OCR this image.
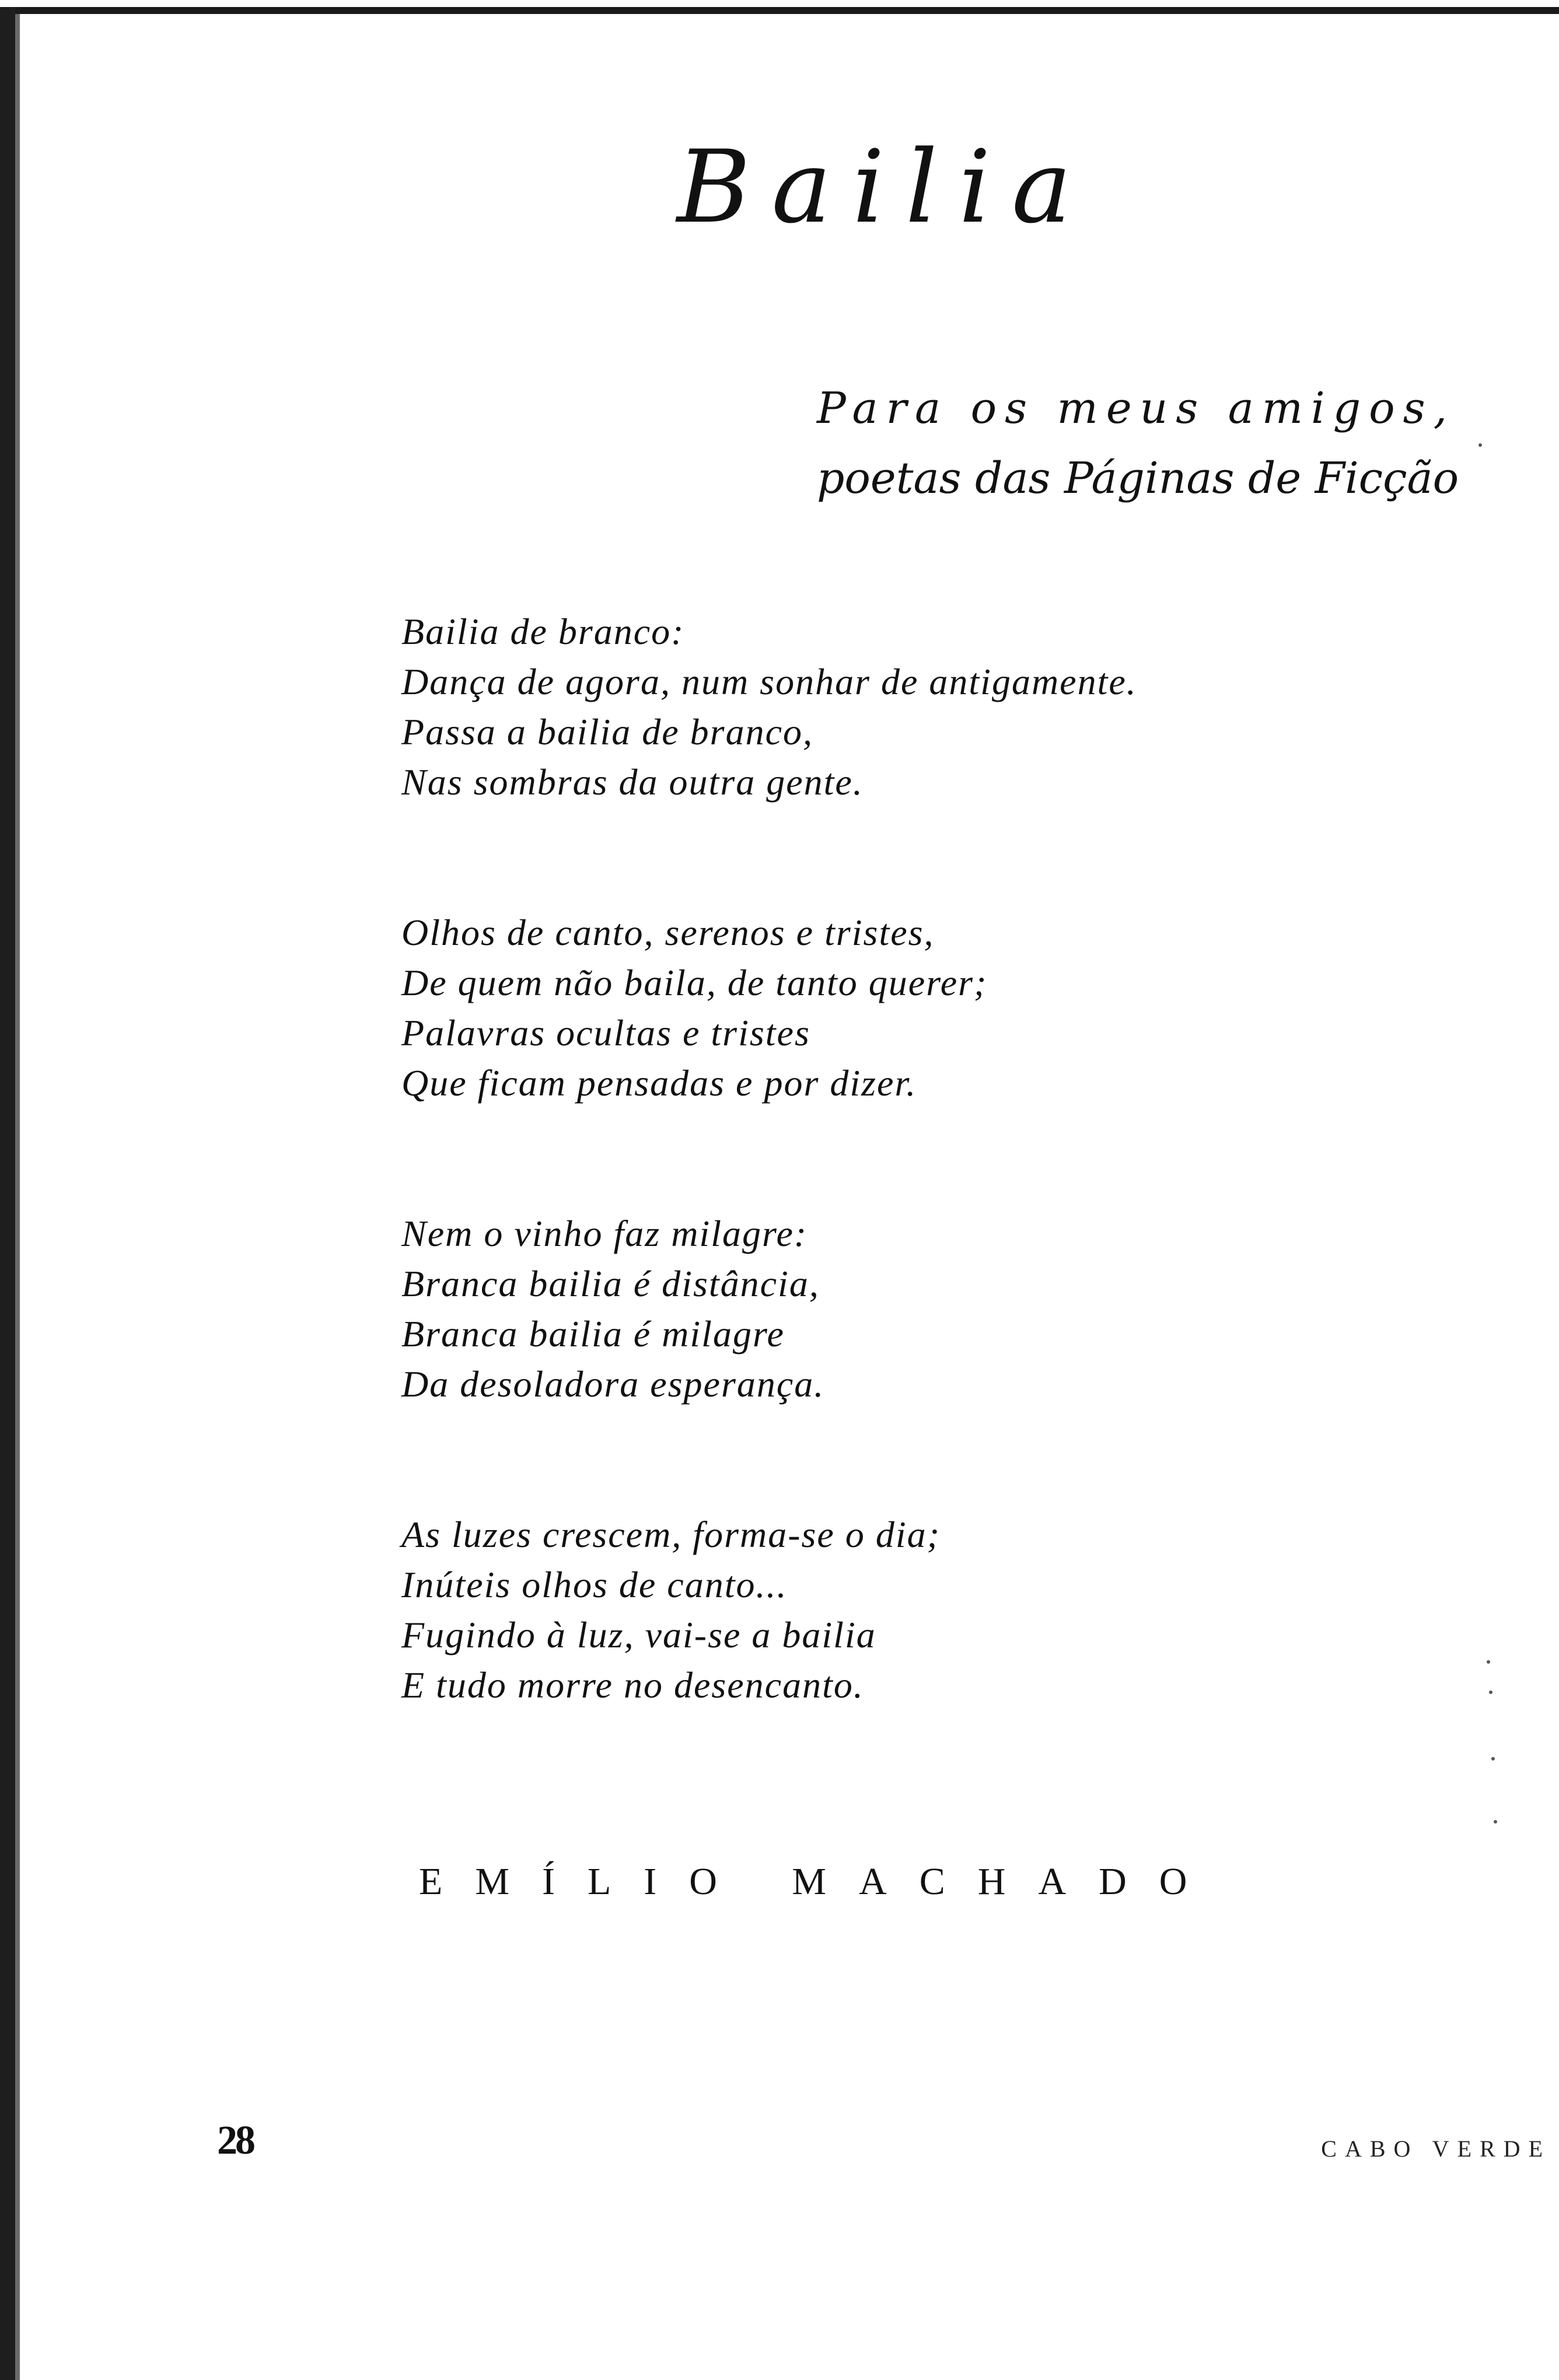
Bailia
Para os meus amigos,
poetas das Páginas de Ficção
Bailia de branco:
Dança de agora, num sonhar de antigamente.
Passa a bailia de branco,
Nas sombras da outra gente.
Olhos de canto, serenos e tristes,
De quem não baila, de tanto querer;
Palavras ocultas e tristes
Que ficam pensadas e por dizer.
Nem o vinho faz milagre:
Branca bailia é distância,
Branca bailia é milagre
Da desoladora esperança.
As luzes crescem, forma-se o dia;
Inúteis olhos de canto...
Fugindo à luz, vai-se a bailia
E tudo morre no desencanto.
EMÍLIO MACHADO
28	CABO VERDE
